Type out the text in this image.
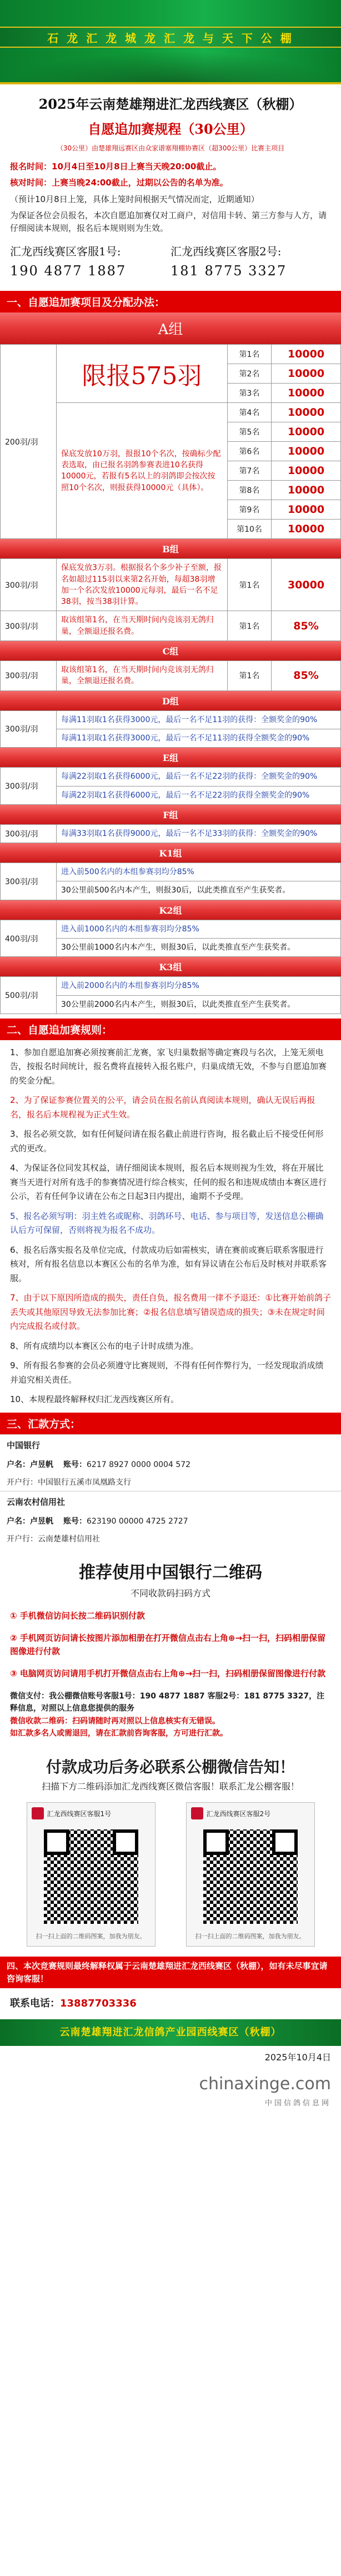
石 龙 汇 龙 城 龙 汇 龙 与 天 下 公 棚
2025年云南楚雄翔进汇龙西线赛区（秋棚）
自愿追加赛规程（30公里）
（30公里）由楚雄翔远赛区由众家谱塞翔棚协赛区（超300公里）比赛主项目

报名时间：10月4日至10月8日上赛当天晚20:00截止。

核对时间：上赛当晚24:00截止，过期以公告的名单为准。

（预计10月8日上笼，具体上笼时间根据天气情况而定，近期通知）

为保证各位会员报名，本次自愿追加赛仅对工商户，对信用卡转、第三方参与人方，请仔细阅读本规则，报名后本规则则为生效。

汇龙西线赛区客服1号:
190 4877 1887
汇龙西线赛区客服2号:
181 8775 3327
一、自愿追加赛项目及分配办法：
A组
200羽/羽	限报575羽	第1名	10000
		第2名	10000
		第3名	10000
	保底发放10万羽，报报10个名次，按确标少配表选取，由已报名羽鸽参赛表进10名获得10000元，若报有5名以上的羽鸽即会按次按照10个名次，则报获得10000元（具体）。	第4名	10000
		第5名	10000
		第6名	10000
		第7名	10000
		第8名	10000
		第9名	10000
		第10名	10000
B组
300羽/羽	保底发放3万羽。根据报名个多少补子至额，报名如超过115羽以来第2名开始，每超38羽增加一个名次发放10000元每羽，最后一名不足38羽，按当38羽计算。	第1名	30000
300羽/羽	取该组第1名，在当天期时间内竞该羽无鸽归巢，全额退还报名费。	第1名	85%
C组
300羽/羽	取该组第1名，在当天期时间内竞该羽无鸽归巢，全额退还报名费。	第1名	85%
D组
300羽/羽	每满11羽取1名获得3000元，最后一名不足11羽的获得：全额奖金的90%
每满11羽取1名获得3000元，最后一名不足11羽的获得全额奖金的90%
E组
300羽/羽	每满22羽取1名获得6000元，最后一名不足22羽的获得：全额奖金的90%
每满22羽取1名获得6000元，最后一名不足22羽的获得全额奖金的90%
F组
300羽/羽	每满33羽取1名获得9000元，最后一名不足33羽的获得：全额奖金的90%
K1组
300羽/羽	进入前500名内的本组参赛羽均分85%
30公里前500名内本产生，则报30后，以此类推直至产生获奖者。
K2组
400羽/羽	进入前1000名内的本组参赛羽均分85%
30公里前1000名内本产生，则报30后，以此类推直至产生获奖者。
K3组
500羽/羽	进入前2000名内的本组参赛羽均分85%
30公里前2000名内本产生，则报30后，以此类推直至产生获奖者。
二、自愿追加赛规则：

1、参加自愿追加赛必须按赛前汇龙赛，家飞归巢数据等确定赛段与名次，上笼无须电告，按报名时间统计，报名费将直接转入报名账户，归巢成绩无效，不参与自愿追加赛的奖金分配。

2、为了保证参赛位置关的公平，请会员在报名前认真阅读本规则，确认无误后再报名，报名后本规程视为正式生效。

3、报名必须交款，如有任何疑问请在报名截止前进行咨询，报名截止后不接受任何形式的更改。

4、为保证各位同发其权益，请仔细阅读本规则，报名后本规则视为生效，将在开展比赛当天进行对所有选手的参赛情况进行综合核实，任何的报名和违规成绩由本赛区进行公示，若有任何争议请在公布之日起3日内提出，逾期不予受理。

5、报名必须写明：羽主姓名或昵称、羽鸽环号、电话、参与项目等，发送信息公棚确认后方可保留，否则将视为报名不成功。

6、报名后落实报名及单位完成，付款成功后如需核实，请在赛前或赛后联系客服进行核对，所有报名信息以本赛区公布的名单为准，如有异议请在公布后及时核对并联系客服。

7、由于以下原因所造成的损失，责任自负，报名费用一律不予退还：①比赛开始前鸽子丢失或其他原因导致无法参加比赛；②报名信息填写错误造成的损失；③未在规定时间内完成报名或付款。

8、所有成绩均以本赛区公布的电子计时成绩为准。

9、所有报名参赛的会员必须遵守比赛规则，不得有任何作弊行为，一经发现取消成绩并追究相关责任。

10、本规程最终解释权归汇龙西线赛区所有。

三、汇款方式：
中国银行
户名：卢昱帆 账号：6217 8927 0000 0004 572
开户行：中国银行五溪市凤凰路支行
云南农村信用社
户名：卢昱帆 账号：623190 00000 4725 2727
开户行：云南楚雄村信用社
推荐使用中国银行二维码
不同收款码扫码方式
① 手机微信访问长按二维码识别付款
② 手机网页访问请长按图片添加相册在打开微信点击右上角⊕→扫一扫，扫码相册保留图像进行付款
③ 电脑网页访问请用手机打开微信点击右上角⊕→扫一扫，扫码相册保留图像进行付款
微信支付：我公棚微信账号客服1号：190 4877 1887 客服2号：181 8775 3327，注释信息，对照以上信息您提供的服务
微信收款二维码：扫码请随时再对照以上信息核实有无错误。
如汇款多名人或需退回，请在汇款前咨询客服，方可进行汇款。
付款成功后务必联系公棚微信告知！
扫描下方二维码添加汇龙西线赛区微信客服！联系汇龙公棚客服！
汇龙西线赛区客服1号
扫一扫上面的二维码图案，加我为朋友。
汇龙西线赛区客服2号
扫一扫上面的二维码图案，加我为朋友。
四、本次竞赛规则最终解释权属于云南楚雄翔进汇龙西线赛区（秋棚），如有未尽事宜请咨询客服！

联系电话：13887703336

云南楚雄翔进汇龙信鸽产业园西线赛区（秋棚）
2025年10月4日
chinaxinge.com
中国信鸽信息网
